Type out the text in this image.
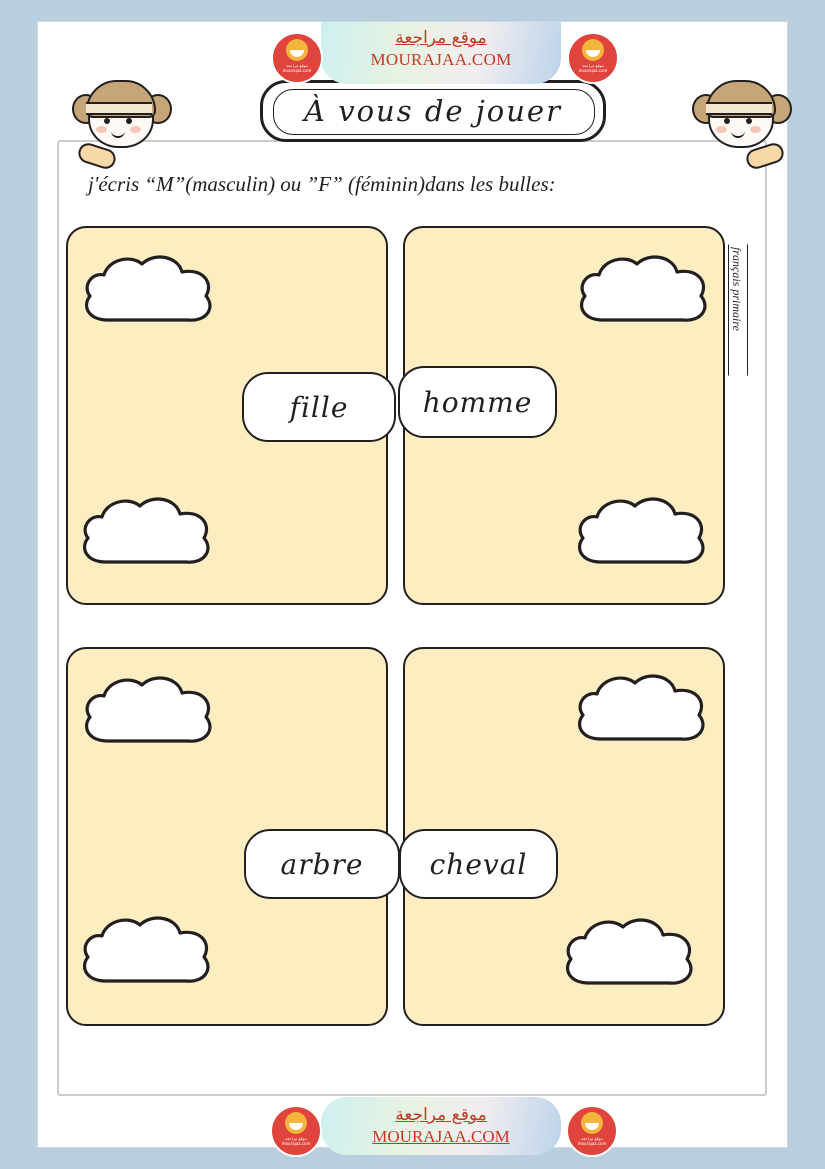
موقع مراجعة
MOURAJAA.COM
موقع مراجعة mourajaa.com
موقع مراجعة mourajaa.com
À vous de jouer
j'écris “M”(masculin) ou ”F” (féminin)dans les bulles:
français primaire
fille	homme
arbre cheval
موقع مراجعة
MOURAJAA.COM
موقع مراجعة mourajaa.com
موقع مراجعة mourajaa.com
